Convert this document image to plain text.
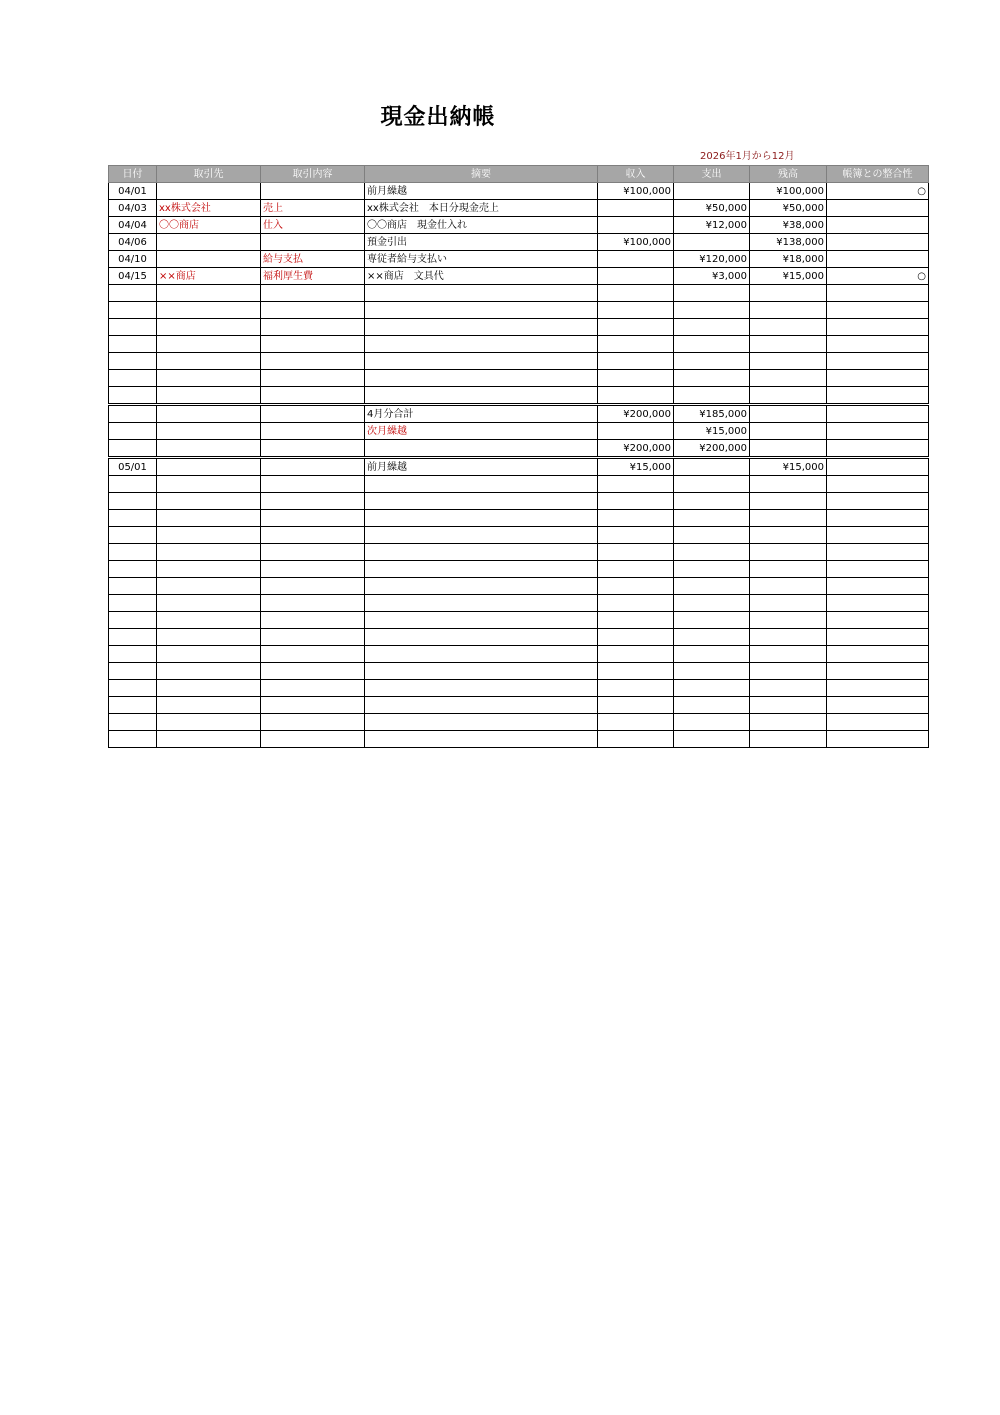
現金出納帳
2026年1月から12月
日付	取引先	取引内容	摘要	収入	支出	残高	帳簿との整合性
04/01			前月繰越	¥100,000		¥100,000	○
04/03	xx株式会社	売上	xx株式会社　本日分現金売上		¥50,000	¥50,000	
04/04	〇〇商店	仕入	〇〇商店　現金仕入れ		¥12,000	¥38,000	
04/06			預金引出	¥100,000		¥138,000	
04/10		給与支払	専従者給与支払い		¥120,000	¥18,000	
04/15	××商店	福利厚生費	××商店　文具代		¥3,000	¥15,000	○

			4月分合計	¥200,000	¥185,000		
			次月繰越		¥15,000		
				¥200,000	¥200,000		
05/01			前月繰越	¥15,000		¥15,000	
